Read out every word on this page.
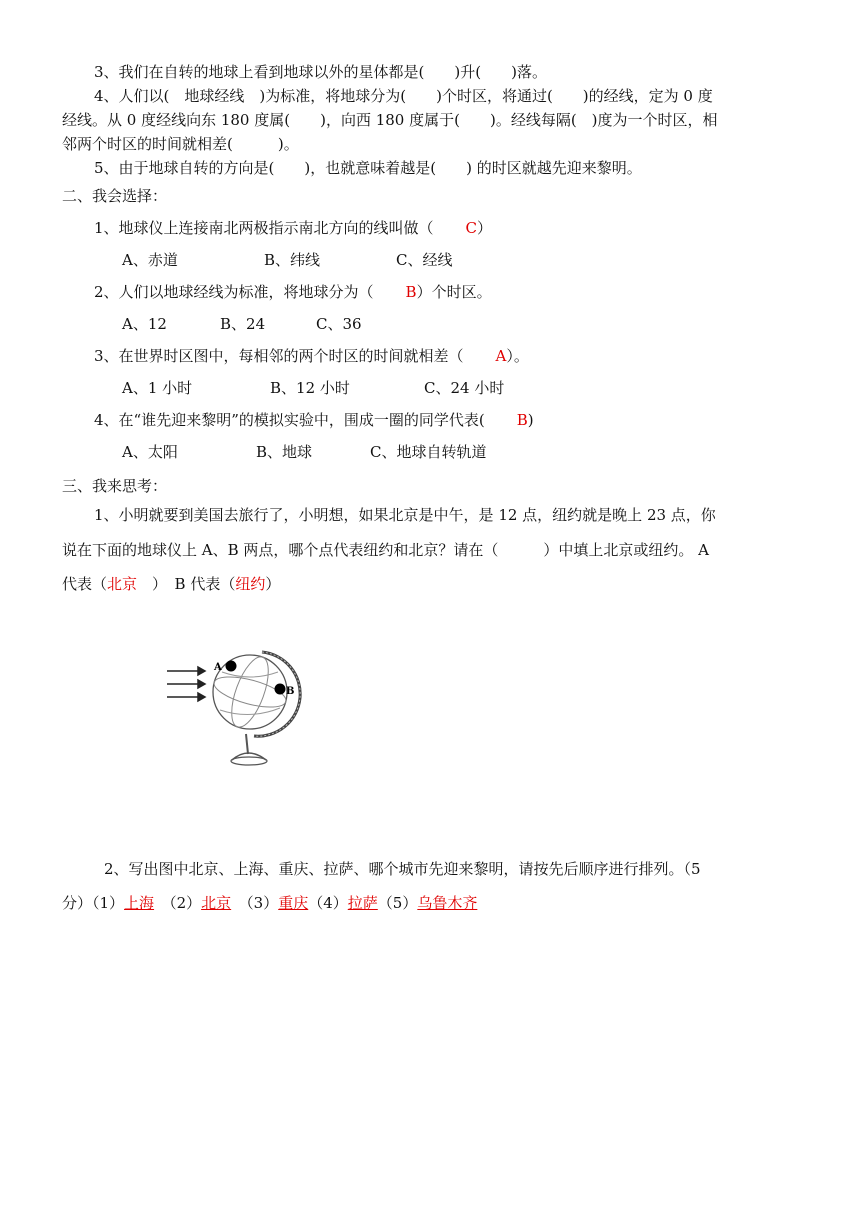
3、我们在自转的地球上看到地球以外的星体都是(　　)升(　　)落。

4、人们以(　地球经线　)为标准，将地球分为(　　)个时区，将通过(　　)的经线，定为 0 度

经线。从 0 度经线向东 180 度属(　　)，向西 180 度属于(　　)。经线每隔(　)度为一个时区，相

邻两个时区的时间就相差(　　　)。

5、由于地球自转的方向是(　　)，也就意味着越是(　　) 的时区就越先迎来黎明。

二、我会选择：

1、地球仪上连接南北两极指示南北方向的线叫做（ C）

A、赤道	B、纬线	C、经线

2、人们以地球经线为标准，将地球分为（ B）个时区。

A、12	B、24	C、36

3、在世界时区图中，每相邻的两个时区的时间就相差（ A）。

A、1 小时	B、12 小时	C、24 小时

4、在“谁先迎来黎明”的模拟实验中，围成一圈的同学代表( B)

A、太阳	B、地球	C、地球自转轨道

三、我来思考：

1、小明就要到美国去旅行了，小明想，如果北京是中午，是 12 点，纽约就是晚上 23 点，你

说在下面的地球仪上 A、B 两点，哪个点代表纽约和北京？请在（　　　）中填上北京或纽约。 A

代表（北京　 ）　B 代表（纽约）

A
B

2、写出图中北京、上海、重庆、拉萨、哪个城市先迎来黎明，请按先后顺序进行排列。（5

分）（1）上海　 （2）北京　 （3）重庆（4）拉萨（5）乌鲁木齐
